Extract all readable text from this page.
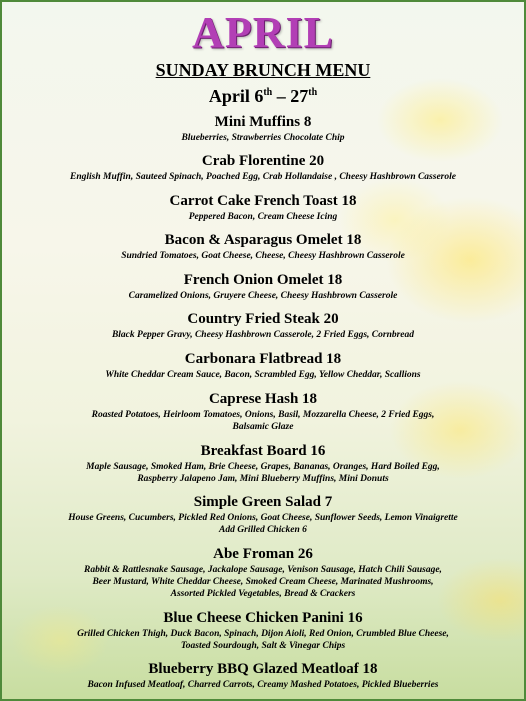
APRIL
SUNDAY BRUNCH MENU
April 6th – 27th
Mini Muffins 8
Blueberries, Strawberries Chocolate Chip
Crab Florentine 20
English Muffin, Sauteed Spinach, Poached Egg, Crab Hollandaise , Cheesy Hashbrown Casserole
Carrot Cake French Toast 18
Peppered Bacon, Cream Cheese Icing
Bacon & Asparagus Omelet 18
Sundried Tomatoes, Goat Cheese, Cheese, Cheesy Hashbrown Casserole
French Onion Omelet 18
Caramelized Onions, Gruyere Cheese, Cheesy Hashbrown Casserole
Country Fried Steak 20
Black Pepper Gravy, Cheesy Hashbrown Casserole, 2 Fried Eggs, Cornbread
Carbonara Flatbread 18
White Cheddar Cream Sauce, Bacon, Scrambled Egg, Yellow Cheddar, Scallions
Caprese Hash 18
Roasted Potatoes, Heirloom Tomatoes, Onions, Basil, Mozzarella Cheese, 2 Fried Eggs,
Balsamic Glaze
Breakfast Board 16
Maple Sausage, Smoked Ham, Brie Cheese, Grapes, Bananas, Oranges, Hard Boiled Egg,
Raspberry Jalapeno Jam, Mini Blueberry Muffins, Mini Donuts
Simple Green Salad 7
House Greens, Cucumbers, Pickled Red Onions, Goat Cheese, Sunflower Seeds, Lemon Vinaigrette
Add Grilled Chicken 6
Abe Froman 26
Rabbit & Rattlesnake Sausage, Jackalope Sausage, Venison Sausage, Hatch Chili Sausage,
Beer Mustard, White Cheddar Cheese, Smoked Cream Cheese, Marinated Mushrooms,
Assorted Pickled Vegetables, Bread & Crackers
Blue Cheese Chicken Panini 16
Grilled Chicken Thigh, Duck Bacon, Spinach, Dijon Aioli, Red Onion, Crumbled Blue Cheese,
Toasted Sourdough, Salt & Vinegar Chips
Blueberry BBQ Glazed Meatloaf 18
Bacon Infused Meatloaf, Charred Carrots, Creamy Mashed Potatoes, Pickled Blueberries
